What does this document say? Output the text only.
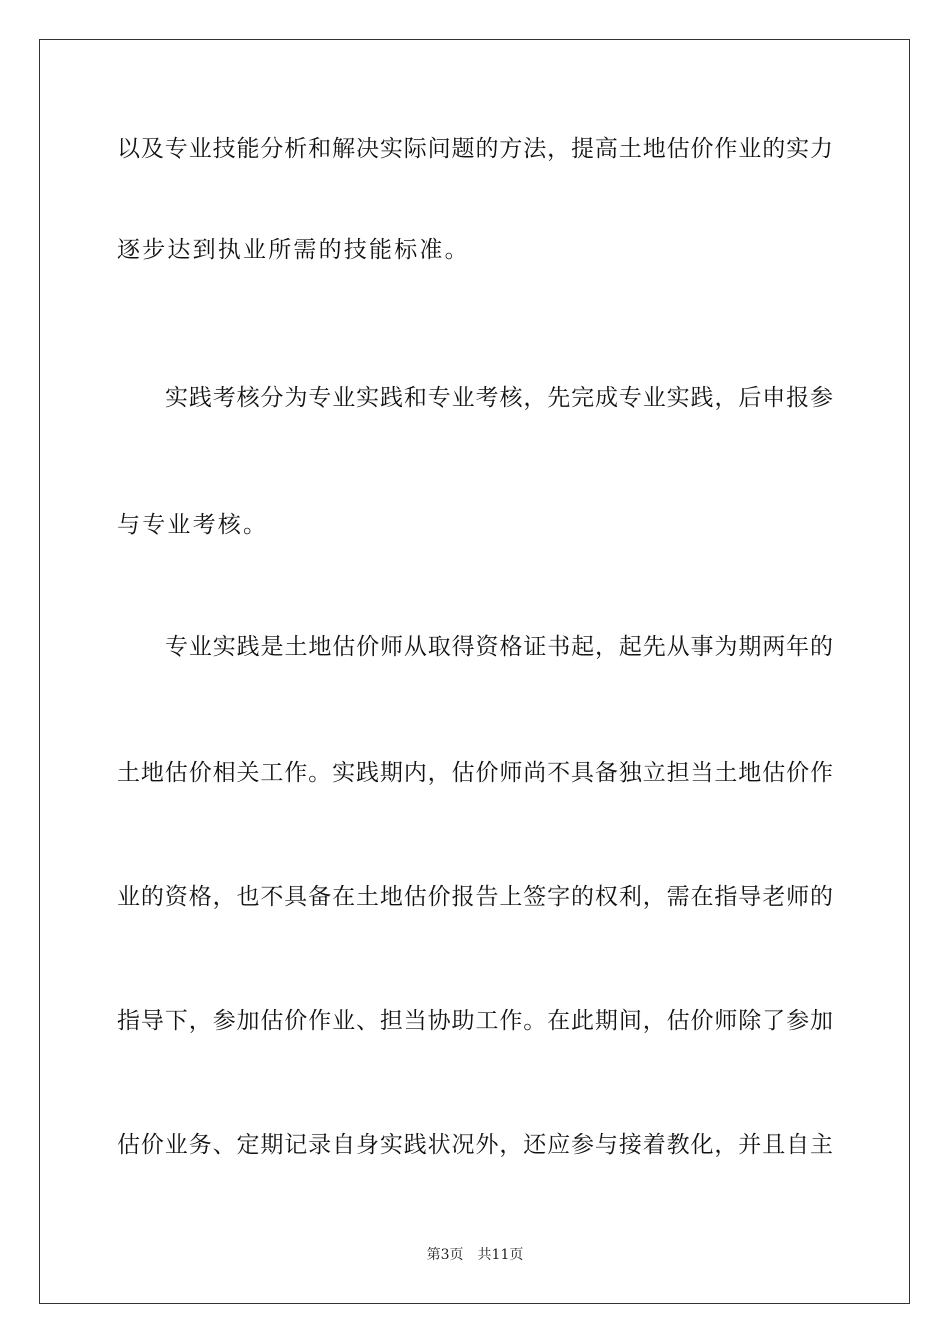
以及专业技能分析和解决实际问题的方法，提高土地估价作业的实力
逐步达到执业所需的技能标准。
实践考核分为专业实践和专业考核，先完成专业实践，后申报参
与专业考核。
专业实践是土地估价师从取得资格证书起，起先从事为期两年的
土地估价相关工作。实践期内，估价师尚不具备独立担当土地估价作
业的资格，也不具备在土地估价报告上签字的权利，需在指导老师的
指导下，参加估价作业、担当协助工作。在此期间，估价师除了参加
估价业务、定期记录自身实践状况外，还应参与接着教化，并且自主
第3页 共11页
